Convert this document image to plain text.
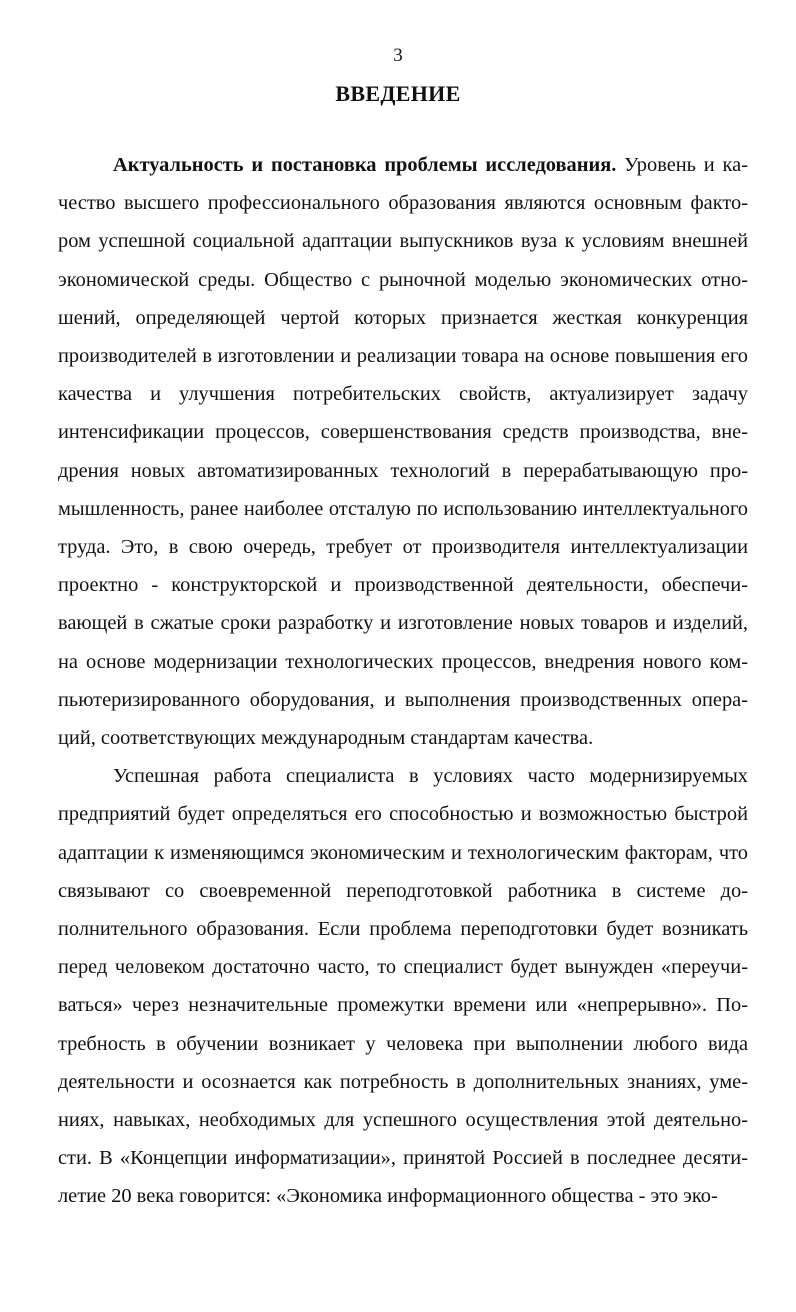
3
ВВЕДЕНИЕ

Актуальность и постановка проблемы исследования. Уровень и качество высшего профессионального образования являются основным фактором успешной социальной адаптации выпускников вуза к условиям внешней экономической среды. Общество с рыночной моделью экономических отношений, определяющей чертой которых признается жесткая конкуренция производителей в изготовлении и реализации товара на основе повышения его качества и улучшения потребительских свойств, актуализирует задачу интенсификации процессов, совершенствования средств производства, внедрения новых автоматизированных технологий в перерабатывающую промышленность, ранее наиболее отсталую по использованию интеллектуального труда. Это, в свою очередь, требует от производителя интеллектуализации проектно - конструкторской и производственной деятельности, обеспечивающей в сжатые сроки разработку и изготовление новых товаров и изделий, на основе модернизации технологических процессов, внедрения нового компьютеризированного оборудования, и выполнения производственных операций, соответствующих международным стандартам качества.

Успешная работа специалиста в условиях часто модернизируемых предприятий будет определяться его способностью и возможностью быстрой адаптации к изменяющимся экономическим и технологическим факторам, что связывают со своевременной переподготовкой работника в системе дополнительного образования. Если проблема переподготовки будет возникать перед человеком достаточно часто, то специалист будет вынужден «переучиваться» через незначительные промежутки времени или «непрерывно». Потребность в обучении возникает у человека при выполнении любого вида деятельности и осознается как потребность в дополнительных знаниях, умениях, навыках, необходимых для успешного осуществления этой деятельности. В «Концепции информатизации», принятой Россией в последнее десятилетие 20 века говорится: «Экономика информационного общества - это эко-
